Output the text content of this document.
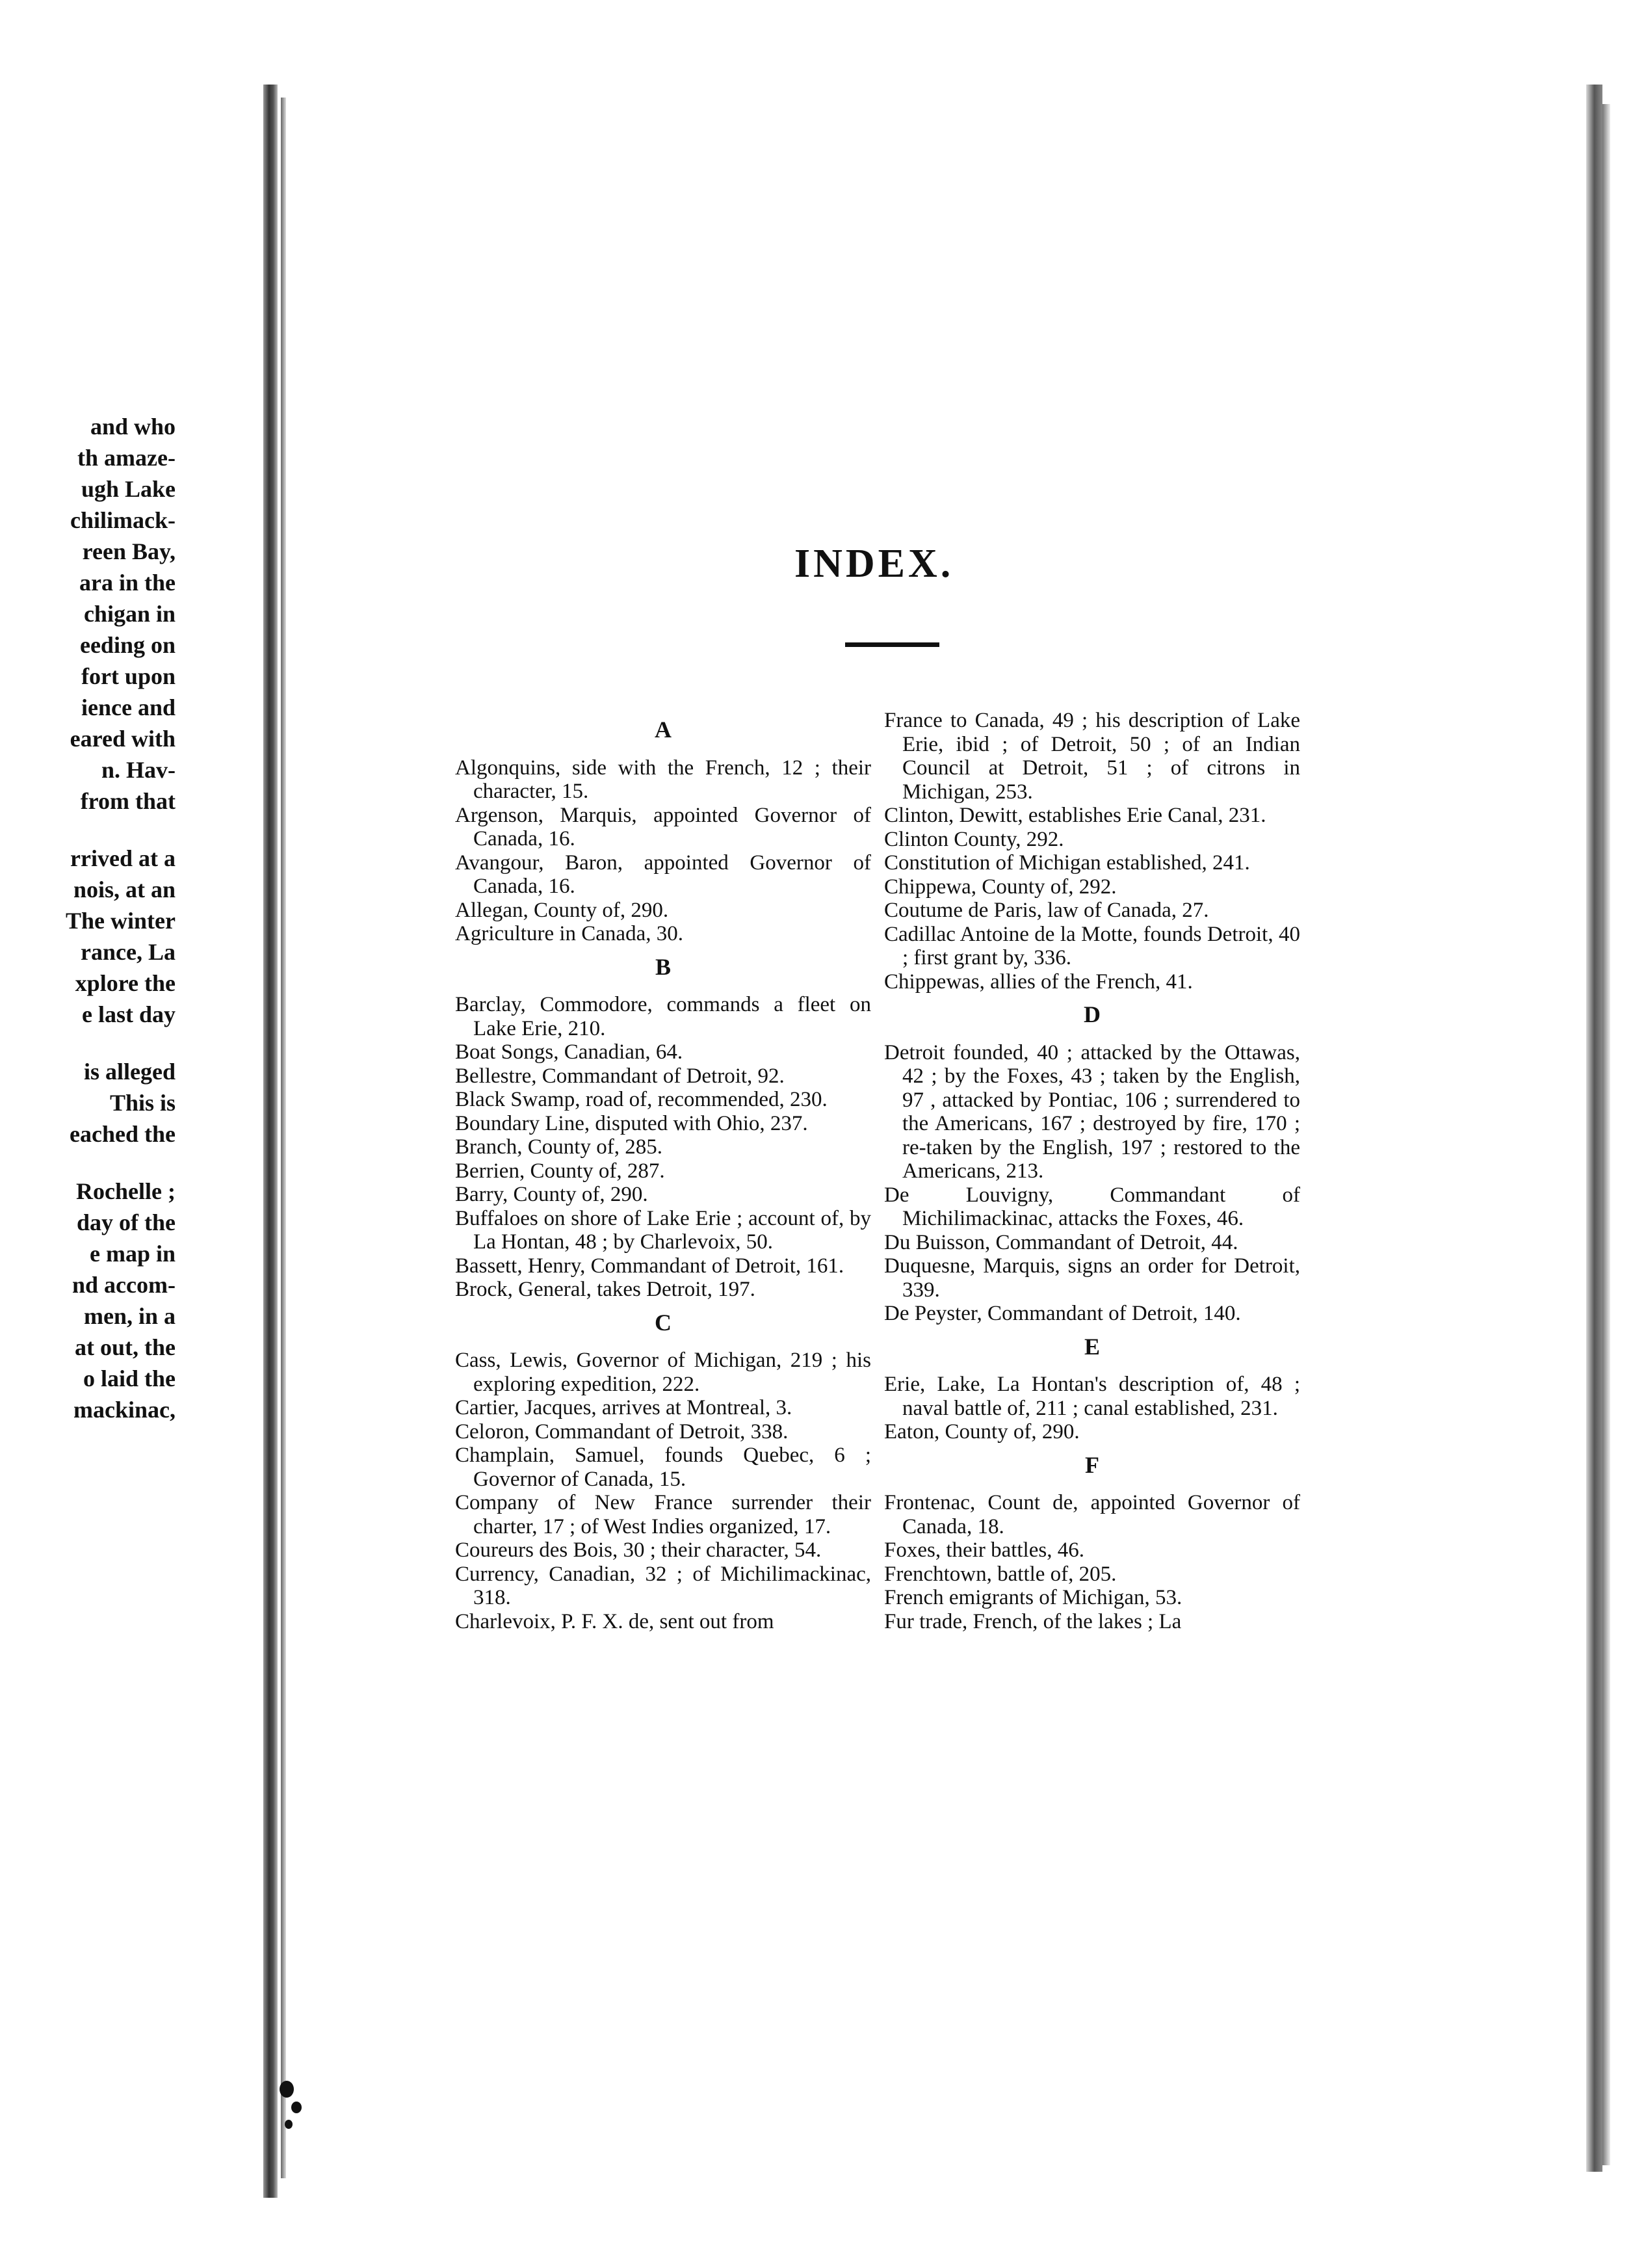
and who
th amaze-
ugh Lake
chilimack-
reen Bay,
ara in the
chigan in
eeding on
fort upon
ience and
eared with
n. Hav-
from that
rrived at a
nois, at an
The winter
rance, La
xplore the
e last day
is alleged
This is
eached the
Rochelle ;
day of the
e map in
nd accom-
men, in a
at out, the
o laid the
mackinac,
INDEX.
A

Algonquins, side with the French, 12 ; their character, 15.

Argenson, Marquis, appointed Governor of Canada, 16.

Avangour, Baron, appointed Governor of Canada, 16.

Allegan, County of, 290.

Agriculture in Canada, 30.

B

Barclay, Commodore, commands a fleet on Lake Erie, 210.

Boat Songs, Canadian, 64.

Bellestre, Commandant of Detroit, 92.

Black Swamp, road of, recommended, 230.

Boundary Line, disputed with Ohio, 237.

Branch, County of, 285.

Berrien, County of, 287.

Barry, County of, 290.

Buffaloes on shore of Lake Erie ; account of, by La Hontan, 48 ; by Charlevoix, 50.

Bassett, Henry, Commandant of Detroit, 161.

Brock, General, takes Detroit, 197.

C

Cass, Lewis, Governor of Michigan, 219 ; his exploring expedition, 222.

Cartier, Jacques, arrives at Montreal, 3.

Celoron, Commandant of Detroit, 338.

Champlain, Samuel, founds Quebec, 6 ; Governor of Canada, 15.

Company of New France surrender their charter, 17 ; of West Indies organized, 17.

Coureurs des Bois, 30 ; their character, 54.

Currency, Canadian, 32 ; of Michilimackinac, 318.

Charlevoix, P. F. X. de, sent out from

France to Canada, 49 ; his description of Lake Erie, ibid ; of Detroit, 50 ; of an Indian Council at Detroit, 51 ; of citrons in Michigan, 253.

Clinton, Dewitt, establishes Erie Canal, 231.

Clinton County, 292.

Constitution of Michigan established, 241.

Chippewa, County of, 292.

Coutume de Paris, law of Canada, 27.

Cadillac Antoine de la Motte, founds Detroit, 40 ; first grant by, 336.

Chippewas, allies of the French, 41.

D

Detroit founded, 40 ; attacked by the Ottawas, 42 ; by the Foxes, 43 ; taken by the English, 97 , attacked by Pontiac, 106 ; surrendered to the Americans, 167 ; destroyed by fire, 170 ; re-taken by the English, 197 ; restored to the Americans, 213.

De Louvigny, Commandant of Michilimackinac, attacks the Foxes, 46.

Du Buisson, Commandant of Detroit, 44.

Duquesne, Marquis, signs an order for Detroit, 339.

De Peyster, Commandant of Detroit, 140.

E

Erie, Lake, La Hontan's description of, 48 ; naval battle of, 211 ; canal established, 231.

Eaton, County of, 290.

F

Frontenac, Count de, appointed Governor of Canada, 18.

Foxes, their battles, 46.

Frenchtown, battle of, 205.

French emigrants of Michigan, 53.

Fur trade, French, of the lakes ; La
